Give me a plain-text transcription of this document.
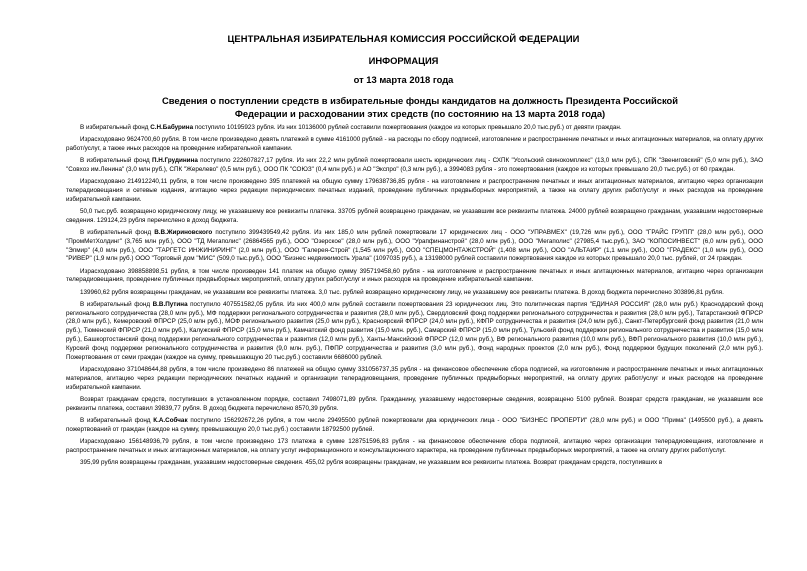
ЦЕНТРАЛЬНАЯ ИЗБИРАТЕЛЬНАЯ КОМИССИЯ РОССИЙСКОЙ ФЕДЕРАЦИИ
ИНФОРМАЦИЯ
от 13 марта 2018 года
Сведения о поступлении средств в избирательные фонды кандидатов на должность Президента Российской Федерации и расходовании этих средств (по состоянию на 13 марта 2018 года)

В избирательный фонд С.Н.Бабурина поступило 10195923 рубля. Из них 10136000 рублей составили пожертвования (каждое из которых превышало 20,0 тыс.руб.) от девяти граждан.

Израсходовано 9624700,60 рубля. В том числе произведено девять платежей в сумме 4161000 рублей - на расходы по сбору подписей, изготовление и распространение печатных и иных агитационных материалов, на оплату других работ/услуг, а также иных расходов на проведение избирательной кампании.

В избирательный фонд П.Н.Грудинина поступило 222607827,17 рубля. Из них 22,2 млн рублей пожертвовали шесть юридических лиц - СХПК "Усольский свинокомплекс" (13,0 млн руб.), СПК "Звениговский" (5,0 млн руб.), ЗАО "Совхоз им.Ленина" (3,0 млн руб.), СПК "Жерелево" (0,5 млн руб.), ООО ПК "СОЮЗ" (0,4 млн руб.) и АО "Экспро" (0,3 млн руб.), а 3994083 рубля - это пожертвования (каждое из которых превышало 20,0 тыс.руб.) от 60 граждан.

Израсходовано 214912240,11 рубля, в том числе произведено 395 платежей на общую сумму 179638736,85 рубля - на изготовление и распространение печатных и иных агитационных материалов, агитацию через организации телерадиовещания и сетевые издания, агитацию через редакции периодических печатных изданий, проведение публичных предвыборных мероприятий, а также на оплату других работ/услуг и иных расходов на проведение избирательной кампании.

50,0 тыс.руб. возвращено юридическому лицу, не указавшему все реквизиты платежа. 33705 рублей возвращено гражданам, не указавшим все реквизиты платежа. 24000 рублей возвращено гражданам, указавшим недостоверные сведения. 129124,23 рубля перечислено в доход бюджета.

В избирательный фонд В.В.Жириновского поступило 399439549,42 рубля. Из них 185,0 млн рублей пожертвовали 17 юридических лиц - ООО "УПРАВМЕХ" (19,726 млн руб.), ООО "ГРАЙС ГРУПП" (28,0 млн руб.), ООО "ПромМетХолдинг" (3,765 млн руб.), ООО "ТД Мегаполис" (26864565 руб.), ООО "Озерское" (28,0 млн руб.), ООО "Урапфинанстрой" (28,0 млн руб.), ООО "Мегаполис" (27985,4 тыс.руб.), ЗАО "КОПОСИНВЕСТ" (6,0 млн руб.), ООО "Элмир" (4,0 млн руб.), ООО "ТАРГЕТС ИНЖИНИРИНГ" (2,0 млн руб.), ООО "Галерея-Строй" (1,545 млн руб.), ООО "СПЕЦМОНТАЖСТРОЙ" (1,408 млн руб.), ООО "АЛЬТАИР" (1,1 млн руб.), ООО "ГРАДЕКС" (1,0 млн руб.), ООО "РИВЕР" (1,9 млн руб.) ООО "Торговый дом "МИС" (509,0 тыс.руб.), ООО "Бизнес недвижимость Урала" (1097035 руб.), а 13198000 рублей составили пожертвования каждое из которых превышало 20,0 тыс. рублей, от 24 граждан.

Израсходовано 398858898,51 рубля, в том числе произведен 141 платеж на общую сумму 395719458,60 рубля - на изготовление и распространение печатных и иных агитационных материалов, агитацию через организации телерадиовещания, проведение публичных предвыборных мероприятий, оплату других работ/услуг и иных расходов на проведение избирательной кампании.

139960,62 рубля возвращены гражданам, не указавшим все реквизиты платежа. 3,0 тыс. рублей возвращено юридическому лицу, не указавшему все реквизиты платежа. В доход бюджета перечислено 303896,81 рубля.

В избирательный фонд В.В.Путина поступило 407551582,05 рубля. Из них 400,0 млн рублей составили пожертвования 23 юридических лиц. Это политическая партия "ЕДИНАЯ РОССИЯ" (28,0 млн руб.) Краснодарский фонд регионального сотрудничества (28,0 млн руб.), МФ поддержки регионального сотрудничества и развития (28,0 млн руб.), Свердловский фонд поддержки регионального сотрудничества и развития (28,0 млн руб.), Татарстанский ФПРСР (28,0 млн руб.), Кемеровский ФПРСР (25,0 млн руб.), МОФ регионального развития (25,0 млн руб.), Красноярский ФПРСР (24,0 млн руб.), КФПР сотрудничества и развития (24,0 млн руб.), Санкт-Петербургский фонд развития (21,0 млн руб.), Тюменский ФПРСР (21,0 млн руб.), Калужский ФПРСР (15,0 млн руб.), Камчатский фонд развития (15,0 млн. руб.), Самарский ФПРСР (15,0 млн руб.), Тульский фонд поддержки регионального сотрудничества и развития (15,0 млн руб.), Башкортостанский фонд поддержки регионального сотрудничества и развития (12,0 млн руб.), Ханты-Мансийский ФПРСР (12,0 млн руб.), ВФ регионального развития (10,0 млн руб.), ВФП регионального развития (10,0 млн руб.), Курский фонд поддержки регионального сотрудничества и развития (9,0 млн. руб.), ПФПР сотрудничества и развития (3,0 млн руб.), Фонд народных проектов (2,0 млн руб.), Фонд поддержки будущих поколений (2,0 млн руб.). Пожертвования от семи граждан (каждое на сумму, превышающую 20 тыс.руб.) составили 6686000 рублей.

Израсходовано 371048644,88 рубля, в том числе произведено 86 платежей на общую сумму 331056737,35 рубля - на финансовое обеспечение сбора подписей, на изготовление и распространение печатных и иных агитационных материалов, агитацию через редакции периодических печатных изданий и организации телерадиовещания, проведение публичных предвыборных мероприятий, на оплату других работ/услуг и иных расходов на проведение избирательной кампании.

Возврат гражданам средств, поступивших в установленном порядке, составил 7498071,89 рубля. Гражданину, указавшему недостоверные сведения, возвращено 5100 рублей. Возврат средств гражданам, не указавшим все реквизиты платежа, составил 39839,77 рубля. В доход бюджета перечислено 8570,39 рубля.

В избирательный фонд К.А.Собчак поступило 156292672,26 рубля, в том числе 29495500 рублей пожертвовали два юридических лица - ООО "БИЗНЕС ПРОПЕРТИ" (28,0 млн руб.) и ООО "Прима" (1495500 руб.), а девять пожертвований от граждан (каждое на сумму, превышающую 20,0 тыс.руб.) составили 18792500 рублей.

Израсходовано 156148936,79 рубля, в том числе произведено 173 платежа в сумме 128751596,83 рубля - на финансовое обеспечение сбора подписей, агитацию через организации телерадиовещания, изготовление и распространение печатных и иных агитационных материалов, на оплату услуг информационного и консультационного характера, на проведение публичных предвыборных мероприятий, а также на оплату других работ/услуг.

395,99 рубля возвращены гражданам, указавшим недостоверные сведения. 455,02 рубля возвращены гражданам, не указавшим все реквизиты платежа. Возврат гражданам средств, поступивших в
